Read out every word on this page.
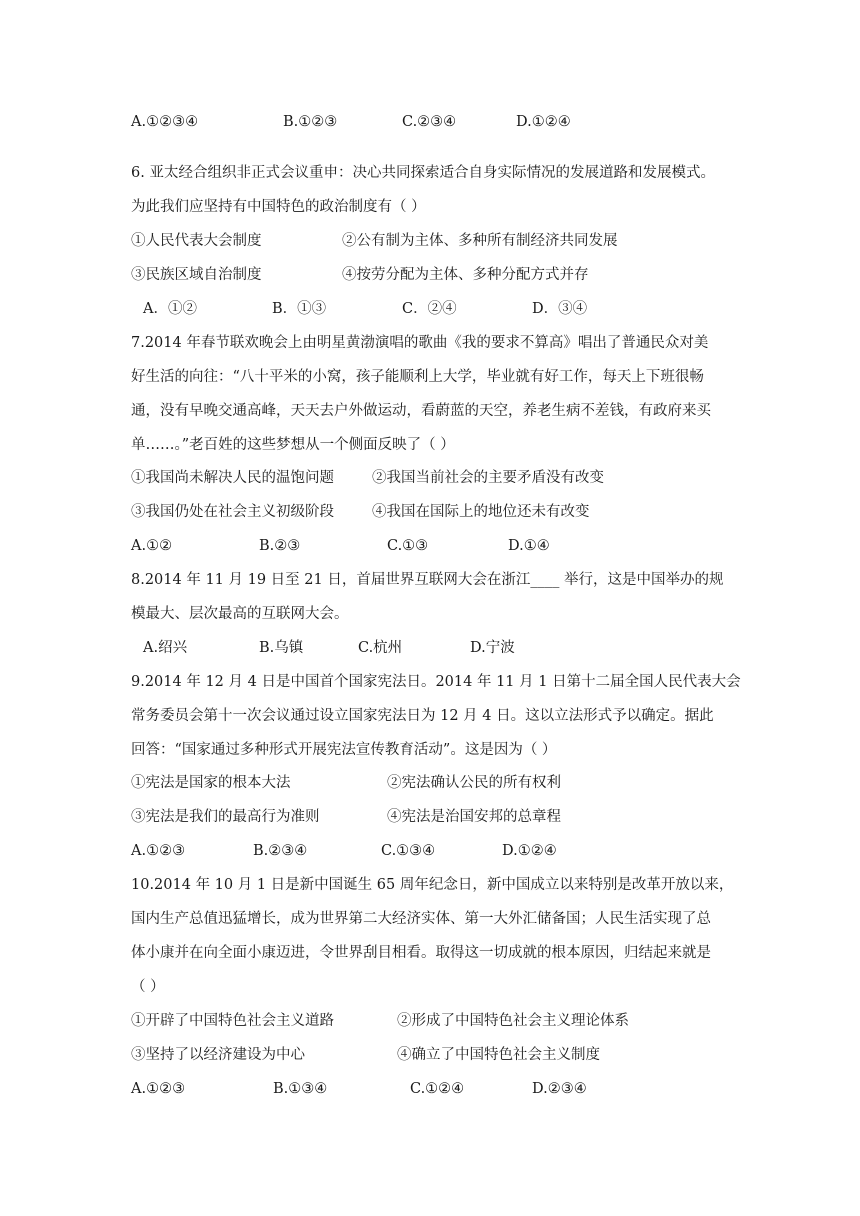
A.①②③④	B.①②③	C.②③④	D.①②④
6. 亚太经合组织非正式会议重申：决心共同探索适合自身实际情况的发展道路和发展模式。
为此我们应坚持有中国特色的政治制度有（ ）
①人民代表大会制度	②公有制为主体、多种所有制经济共同发展
③民族区域自治制度	④按劳分配为主体、多种分配方式并存
A．①②	B．①③	C．②④	D．③④
7.2014 年春节联欢晚会上由明星黄渤演唱的歌曲《我的要求不算高》唱出了普通民众对美
好生活的向往：“八十平米的小窝，孩子能顺利上大学，毕业就有好工作，每天上下班很畅
通，没有早晚交通高峰，天天去户外做运动，看蔚蓝的天空，养老生病不差钱，有政府来买
单……。”老百姓的这些梦想从一个侧面反映了（ ）
①我国尚未解决人民的温饱问题	②我国当前社会的主要矛盾没有改变
③我国仍处在社会主义初级阶段	④我国在国际上的地位还未有改变
A.①②	B.②③	C.①③	D.①④
8.2014 年 11 月 19 日至 21 日，首届世界互联网大会在浙江____ 举行，这是中国举办的规
模最大、层次最高的互联网大会。
A.绍兴	B.乌镇	C.杭州	D.宁波
9.2014 年 12 月 4 日是中国首个国家宪法日。2014 年 11 月 1 日第十二届全国人民代表大会
常务委员会第十一次会议通过设立国家宪法日为 12 月 4 日。这以立法形式予以确定。据此
回答：“国家通过多种形式开展宪法宣传教育活动”。这是因为（ ）
①宪法是国家的根本大法	②宪法确认公民的所有权利
③宪法是我们的最高行为准则	④宪法是治国安邦的总章程
A.①②③	B.②③④	C.①③④	D.①②④
10.2014 年 10 月 1 日是新中国诞生 65 周年纪念日，新中国成立以来特别是改革开放以来，
国内生产总值迅猛增长，成为世界第二大经济实体、第一大外汇储备国；人民生活实现了总
体小康并在向全面小康迈进，令世界刮目相看。取得这一切成就的根本原因，归结起来就是
（ ）
①开辟了中国特色社会主义道路	②形成了中国特色社会主义理论体系
③坚持了以经济建设为中心	④确立了中国特色社会主义制度
A.①②③	B.①③④	C.①②④	D.②③④
